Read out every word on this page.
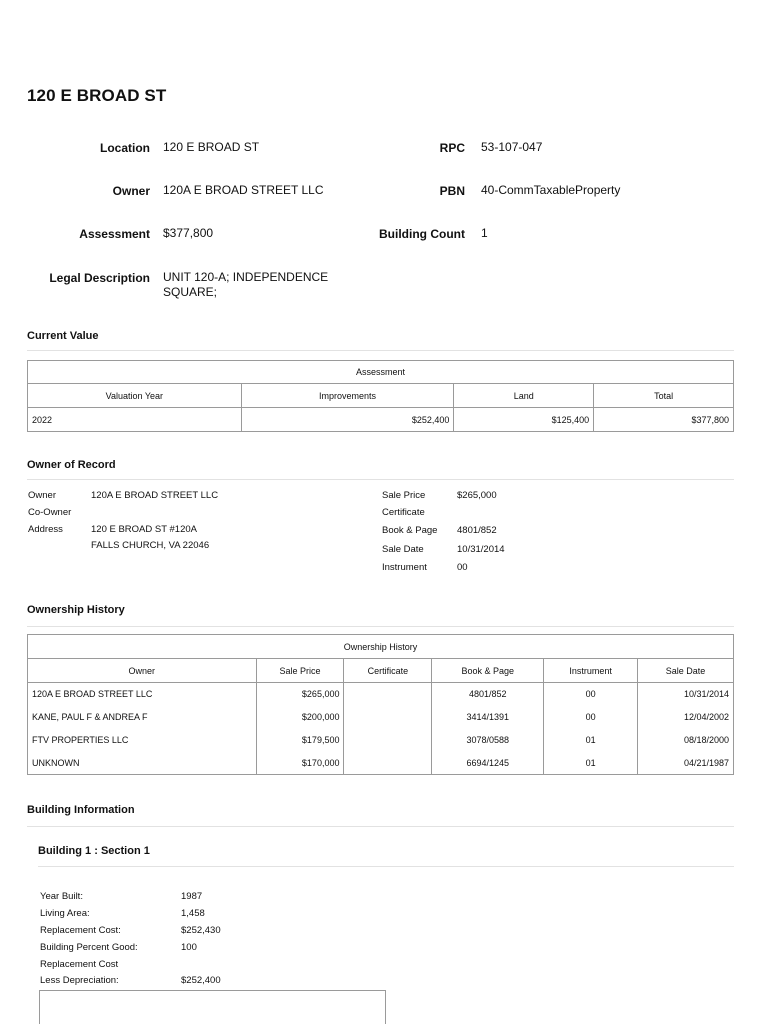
120 E BROAD ST
Location 120 E BROAD ST
Owner 120A E BROAD STREET LLC
Assessment $377,800
Legal Description UNIT 120-A; INDEPENDENCE
SQUARE;
RPC 53-107-047
PBN 40-CommTaxableProperty
Building Count 1
Current Value
Assessment			
Valuation Year	Improvements	Land	Total
2022	$252,400	$125,400	$377,800
Owner of Record
Owner	120A E BROAD STREET LLC
Co-Owner
Address	120 E BROAD ST #120A
FALLS CHURCH, VA 22046
Sale Price	$265,000
Certificate
Book & Page 4801/852
Sale Date	10/31/2014
Instrument	00
Ownership History
Ownership History					
Owner	Sale Price	Certificate	Book & Page	Instrument	Sale Date
120A E BROAD STREET LLC	$265,000		4801/852	00	10/31/2014
KANE, PAUL F & ANDREA F	$200,000		3414/1391	00	12/04/2002
FTV PROPERTIES LLC	$179,500		3078/0588	01	08/18/2000
UNKNOWN	$170,000		6694/1245	01	04/21/1987
Building Information
Building 1 : Section 1
Year Built:	1987
Living Area:	1,458
Replacement Cost:	$252,430
Building Percent Good:	100
Replacement Cost
Less Depreciation:	$252,400
